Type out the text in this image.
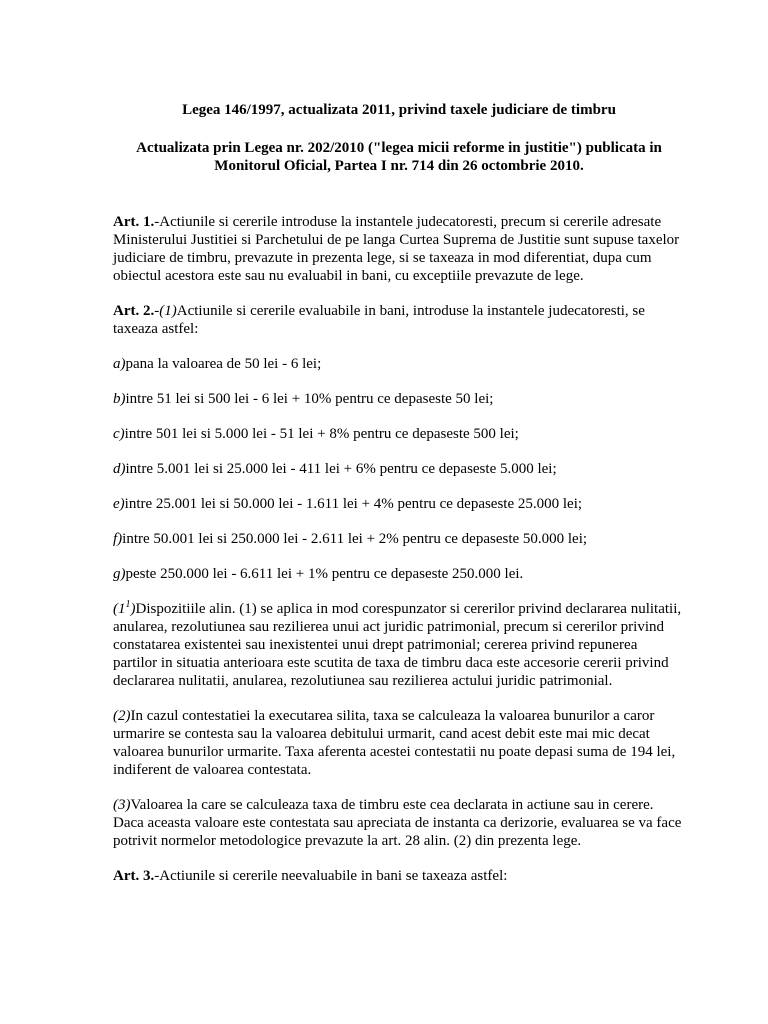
Legea 146/1997, actualizata 2011, privind taxele judiciare de timbru

Actualizata prin Legea nr. 202/2010 ("legea micii reforme in justitie") publicata in Monitorul Oficial, Partea I nr. 714 din 26 octombrie 2010.

Art. 1.-Actiunile si cererile introduse la instantele judecatoresti, precum si cererile adresate Ministerului Justitiei si Parchetului de pe langa Curtea Suprema de Justitie sunt supuse taxelor judiciare de timbru, prevazute in prezenta lege, si se taxeaza in mod diferentiat, dupa cum obiectul acestora este sau nu evaluabil in bani, cu exceptiile prevazute de lege.

Art. 2.-(1)Actiunile si cererile evaluabile in bani, introduse la instantele judecatoresti, se taxeaza astfel:

a)pana la valoarea de 50 lei - 6 lei;

b)intre 51 lei si 500 lei - 6 lei + 10% pentru ce depaseste 50 lei;

c)intre 501 lei si 5.000 lei - 51 lei + 8% pentru ce depaseste 500 lei;

d)intre 5.001 lei si 25.000 lei - 411 lei + 6% pentru ce depaseste 5.000 lei;

e)intre 25.001 lei si 50.000 lei - 1.611 lei + 4% pentru ce depaseste 25.000 lei;

f)intre 50.001 lei si 250.000 lei - 2.611 lei + 2% pentru ce depaseste 50.000 lei;

g)peste 250.000 lei - 6.611 lei + 1% pentru ce depaseste 250.000 lei.

$(1^1)Dispozitiile$ alin. (1) se aplica in mod corespunzator si cererilor privind declararea nulitatii, anularea, rezolutiunea sau rezilierea unui act juridic patrimonial, precum si cererilor privind constatarea existentei sau inexistentei unui drept patrimonial; cererea privind repunerea partilor in situatia anterioara este scutita de taxa de timbru daca este accesorie cererii privind declararea nulitatii, anularea, rezolutiunea sau rezilierea actului juridic patrimonial.

(2)In cazul contestatiei la executarea silita, taxa se calculeaza la valoarea bunurilor a caror urmarire se contesta sau la valoarea debitului urmarit, cand acest debit este mai mic decat valoarea bunurilor urmarite. Taxa aferenta acestei contestatii nu poate depasi suma de 194 lei, indiferent de valoarea contestata.

(3)Valoarea la care se calculeaza taxa de timbru este cea declarata in actiune sau in cerere. Daca aceasta valoare este contestata sau apreciata de instanta ca derizorie, evaluarea se va face potrivit normelor metodologice prevazute la art. 28 alin. (2) din prezenta lege.

Art. 3.-Actiunile si cererile neevaluabile in bani se taxeaza astfel:
